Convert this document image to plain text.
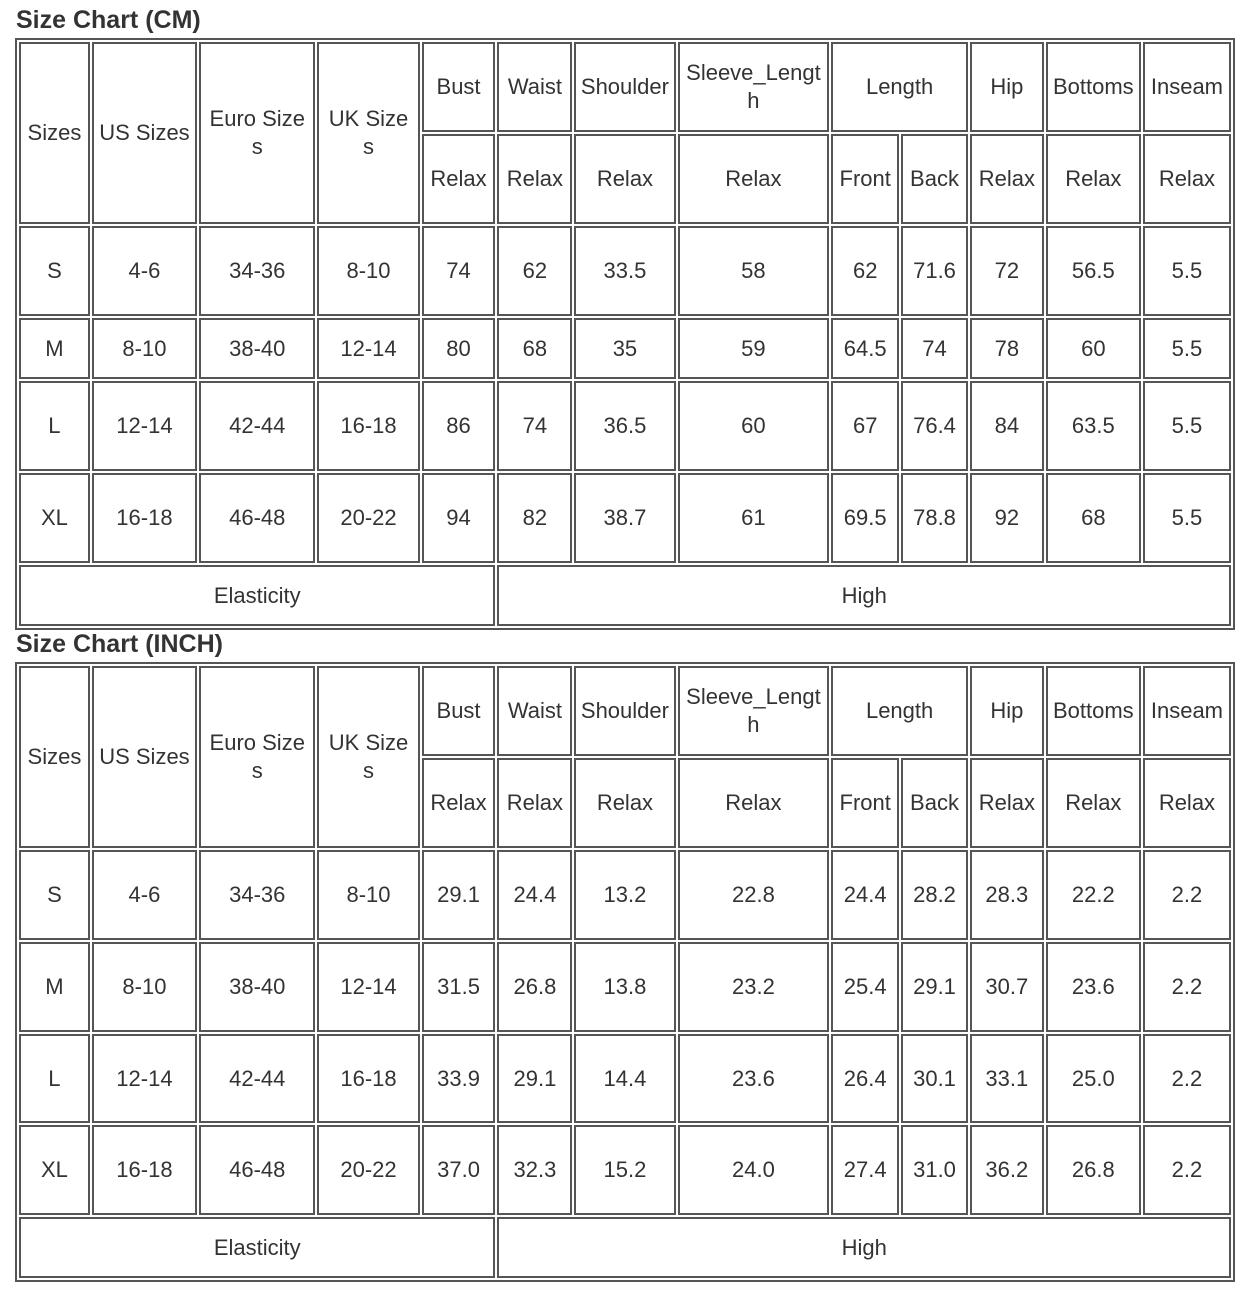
Size Chart (CM)
Sizes	US Sizes	Euro Sizes	UK Sizes	Bust	Waist	Shoulder	Sleeve_Length	Length		Hip	Bottoms	Inseam
				Relax	Relax	Relax	Relax	Front	Back	Relax	Relax	Relax
S	4-6	34-36	8-10	74	62	33.5	58	62	71.6	72	56.5	5.5
M	8-10	38-40	12-14	80	68	35	59	64.5	74	78	60	5.5
L	12-14	42-44	16-18	86	74	36.5	60	67	76.4	84	63.5	5.5
XL	16-18	46-48	20-22	94	82	38.7	61	69.5	78.8	92	68	5.5
Elasticity					High							
Size Chart (INCH)
Sizes	US Sizes	Euro Sizes	UK Sizes	Bust	Waist	Shoulder	Sleeve_Length	Length		Hip	Bottoms	Inseam
				Relax	Relax	Relax	Relax	Front	Back	Relax	Relax	Relax
S	4-6	34-36	8-10	29.1	24.4	13.2	22.8	24.4	28.2	28.3	22.2	2.2
M	8-10	38-40	12-14	31.5	26.8	13.8	23.2	25.4	29.1	30.7	23.6	2.2
L	12-14	42-44	16-18	33.9	29.1	14.4	23.6	26.4	30.1	33.1	25.0	2.2
XL	16-18	46-48	20-22	37.0	32.3	15.2	24.0	27.4	31.0	36.2	26.8	2.2
Elasticity					High							
